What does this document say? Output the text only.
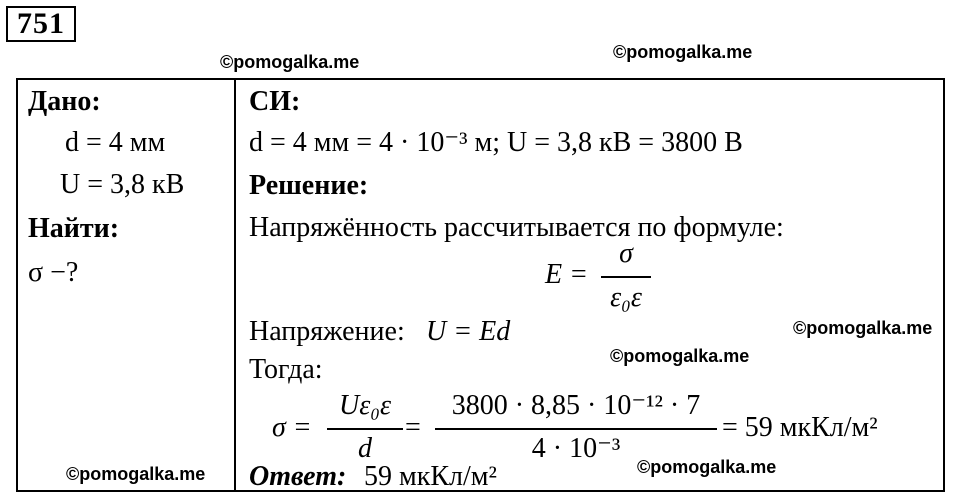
751
©pomogalka.me	©pomogalka.me
©pomogalka.me
©pomogalka.me
©pomogalka.me	©pomogalka.me
Дано:
d = 4 мм
U = 3,8 кВ
Найти:
σ −?
СИ:
d = 4 мм = 4 · 10⁻³ м; U = 3,8 кВ = 3800 В
Решение:
Напряжённость рассчитывается по формуле:
E =
σ
ε₀ε
Напряжение: U = Ed
Тогда:
σ =
Uε₀ε
d
=
3800 · 8,85 · 10⁻¹² · 7
4 · 10⁻³
= 59 мкКл/м²
Ответ: 59 мкКл/м²
